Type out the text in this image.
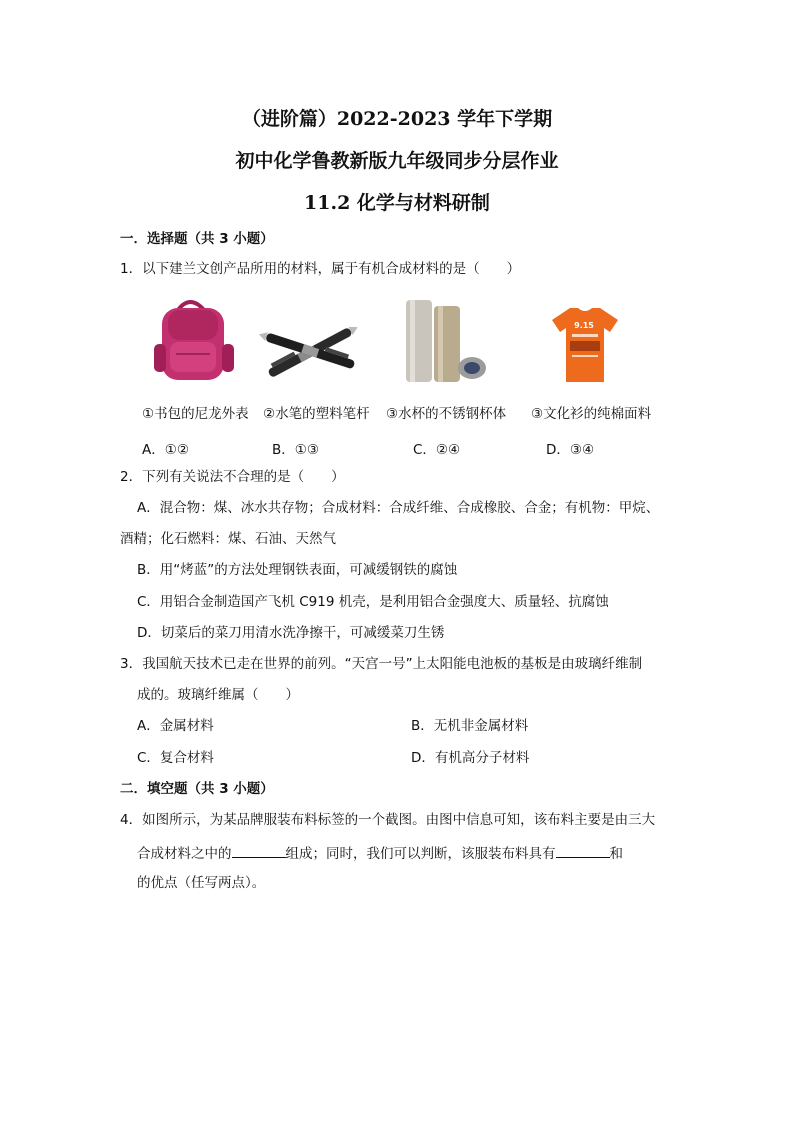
（进阶篇）2022-2023 学年下学期
初中化学鲁教新版九年级同步分层作业
11.2 化学与材料研制
一．选择题（共 3 小题）
1．以下建兰文创产品所用的材料，属于有机合成材料的是（　　）
9.15
①书包的尼龙外表 ②水笔的塑料笔杆 ③水杯的不锈钢杯体 ③文化衫的纯棉面料
A．①②	B．①③	C．②④	D．③④
2．下列有关说法不合理的是（　　）
A．混合物：煤、冰水共存物；合成材料：合成纤维、合成橡胶、合金；有机物：甲烷、
酒精；化石燃料：煤、石油、天然气
B．用“烤蓝”的方法处理钢铁表面，可减缓钢铁的腐蚀
C．用铝合金制造国产飞机 C919 机壳，是利用铝合金强度大、质量轻、抗腐蚀
D．切菜后的菜刀用清水洗净擦干，可减缓菜刀生锈
3．我国航天技术已走在世界的前列。“天宫一号”上太阳能电池板的基板是由玻璃纤维制
成的。玻璃纤维属（　　）
A．金属材料	B．无机非金属材料
C．复合材料	D．有机高分子材料
二．填空题（共 3 小题）
4．如图所示，为某品牌服装布料标签的一个截图。由图中信息可知，该布料主要是由三大
合成材料之中的	组成；同时，我们可以判断，该服装布料具有	和
的优点（任写两点）。
